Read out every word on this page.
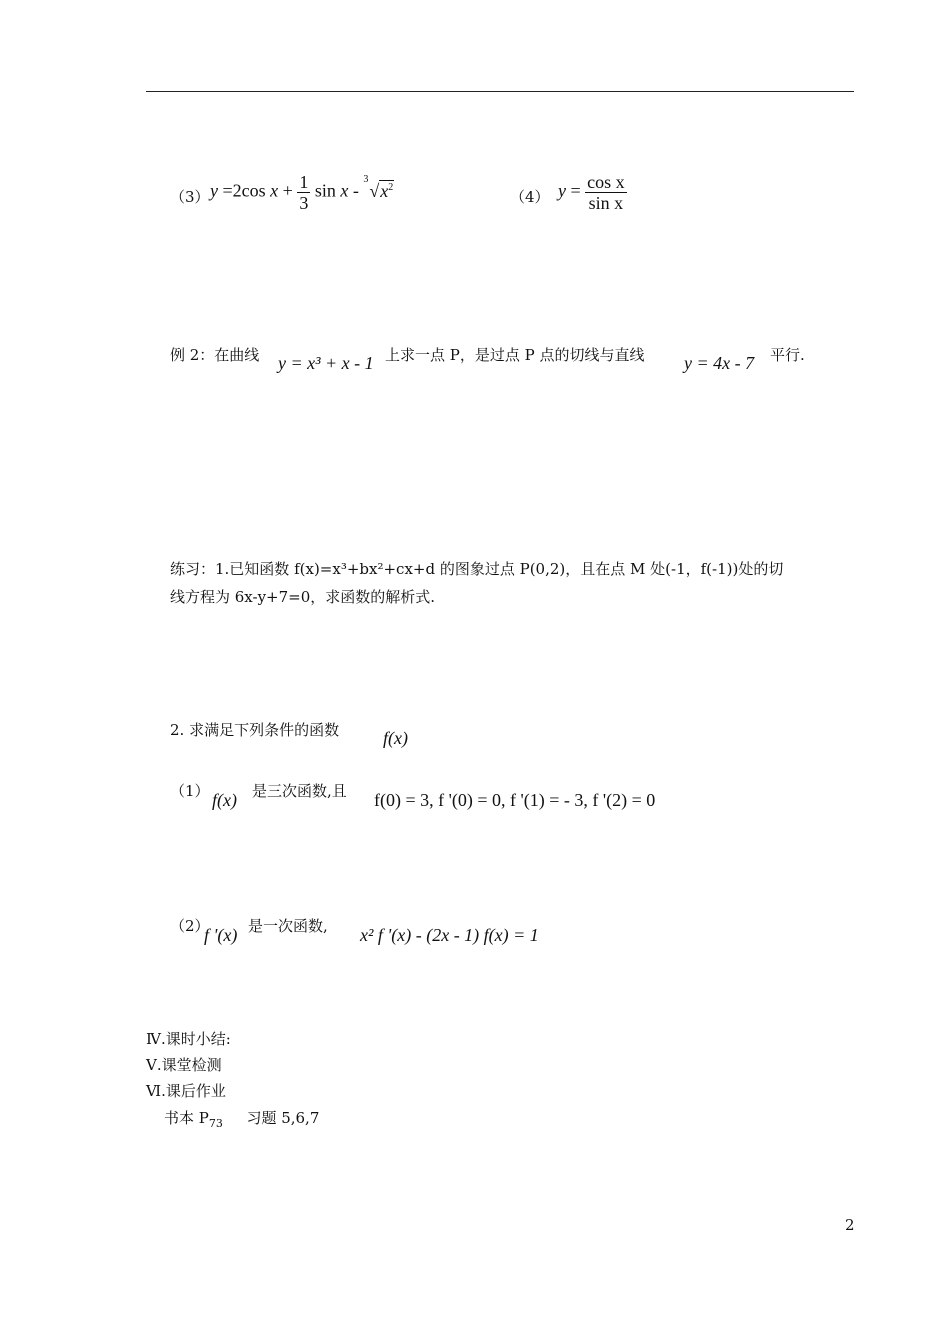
（3） y =2cos $x + \frac{1}{3}$ sin x -
3
$√x^2$
（4） $y = \frac{\text{cos x}}{\text{sin x}}$
例 2：在曲线 y = x³ + x - 1 上求一点 P，是过点 P 点的切线与直线 y = 4x - 7 平行.
练习：1.已知函数 f(x)=x³+bx²+cx+d 的图象过点 P(0,2)，且在点 M 处(-1，f(-1))处的切
线方程为 6x-y+7=0，求函数的解析式.
2. 求满足下列条件的函数 f(x)
（1） f(x) 是三次函数,且 f(0) = 3, f '(0) = 0, f '(1) = - 3, f '(2) = 0
（2）
f '(x) 是一次函数, x² f '(x) - (2x - 1) f(x) = 1
Ⅳ.课时小结:
Ⅴ.课堂检测
Ⅵ.课后作业
书本 $P_{73}$ 习题 5,6,7
2
